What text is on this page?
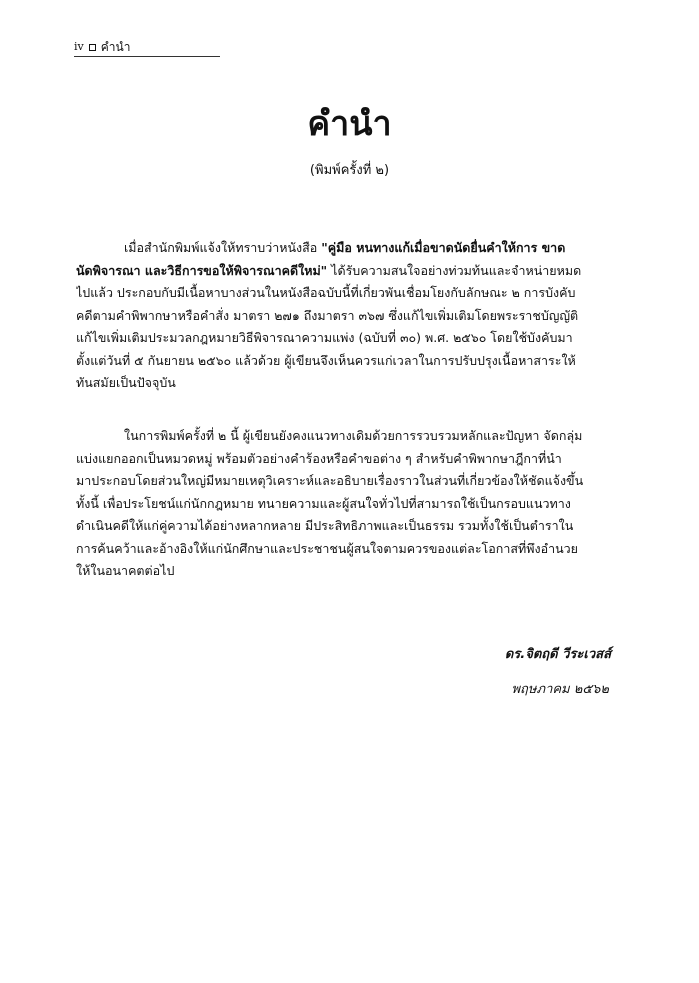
iv คำนำ
คำนำ
(พิมพ์ครั้งที่ ๒)
เมื่อสำนักพิมพ์แจ้งให้ทราบว่าหนังสือ "คู่มือ หนทางแก้เมื่อขาดนัดยื่นคำให้การ ขาด
นัดพิจารณา และวิธีการขอให้พิจารณาคดีใหม่" ได้รับความสนใจอย่างท่วมท้นและจำหน่ายหมด
ไปแล้ว ประกอบกับมีเนื้อหาบางส่วนในหนังสือฉบับนี้ที่เกี่ยวพันเชื่อมโยงกับลักษณะ ๒ การบังคับ
คดีตามคำพิพากษาหรือคำสั่ง มาตรา ๒๗๑ ถึงมาตรา ๓๖๗ ซึ่งแก้ไขเพิ่มเติมโดยพระราชบัญญัติ
แก้ไขเพิ่มเติมประมวลกฎหมายวิธีพิจารณาความแพ่ง (ฉบับที่ ๓๐) พ.ศ. ๒๕๖๐ โดยใช้บังคับมา
ตั้งแต่วันที่ ๕ กันยายน ๒๕๖๐ แล้วด้วย ผู้เขียนจึงเห็นควรแก่เวลาในการปรับปรุงเนื้อหาสาระให้
ทันสมัยเป็นปัจจุบัน
ในการพิมพ์ครั้งที่ ๒ นี้ ผู้เขียนยังคงแนวทางเดิมด้วยการรวบรวมหลักและปัญหา จัดกลุ่ม
แบ่งแยกออกเป็นหมวดหมู่ พร้อมตัวอย่างคำร้องหรือคำขอต่าง ๆ สำหรับคำพิพากษาฎีกาที่นำ
มาประกอบโดยส่วนใหญ่มีหมายเหตุวิเคราะห์และอธิบายเรื่องราวในส่วนที่เกี่ยวข้องให้ชัดแจ้งขึ้น
ทั้งนี้ เพื่อประโยชน์แก่นักกฎหมาย ทนายความและผู้สนใจทั่วไปที่สามารถใช้เป็นกรอบแนวทาง
ดำเนินคดีให้แก่คู่ความได้อย่างหลากหลาย มีประสิทธิภาพและเป็นธรรม รวมทั้งใช้เป็นตำราใน
การค้นคว้าและอ้างอิงให้แก่นักศึกษาและประชาชนผู้สนใจตามควรของแต่ละโอกาสที่พึงอำนวย
ให้ในอนาคตต่อไป
ดร.จิตฤดี วีระเวสส์
พฤษภาคม ๒๕๖๒
